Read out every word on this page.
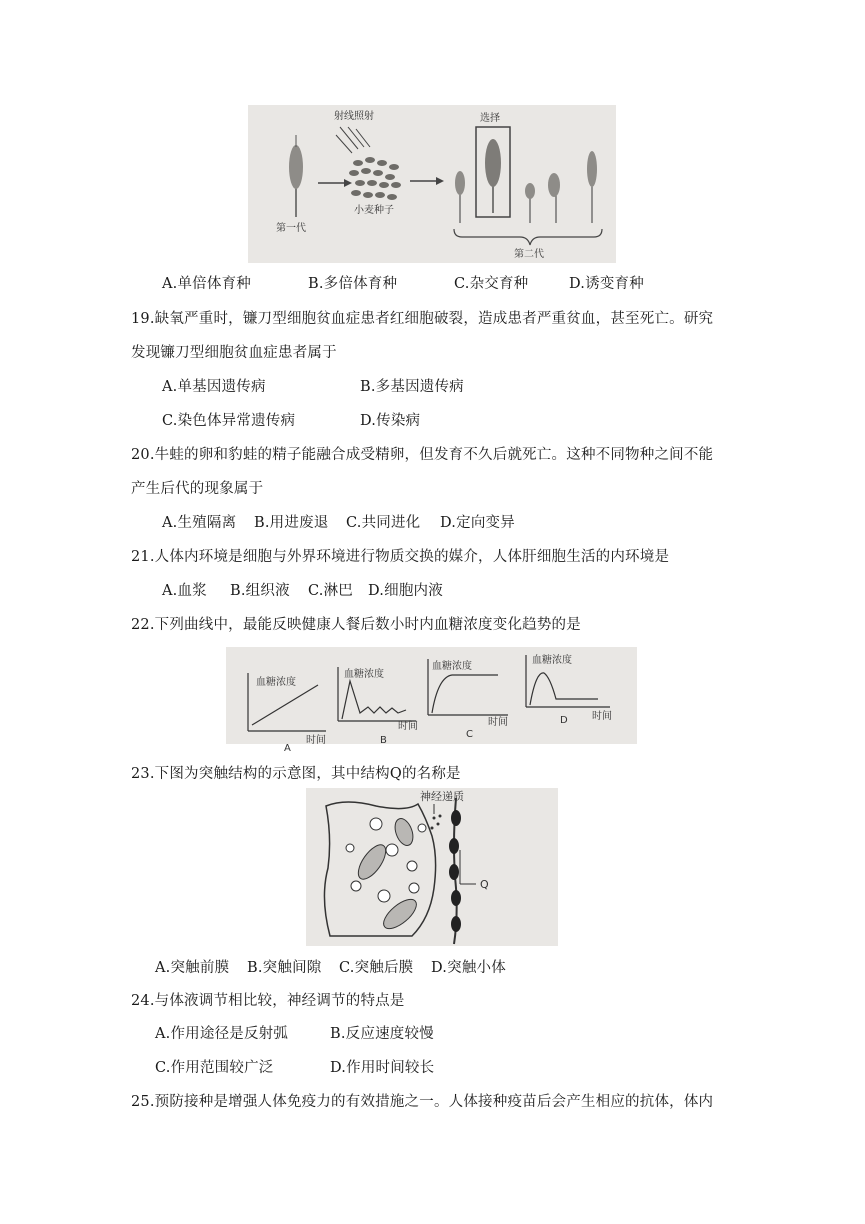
第一代
射线照射
小麦种子
选择
第二代
A.单倍体育种	B.多倍体育种	C.杂交育种	D.诱变育种
19.缺氧严重时，镰刀型细胞贫血症患者红细胞破裂，造成患者严重贫血，甚至死亡。研究
发现镰刀型细胞贫血症患者属于
A.单基因遗传病	B.多基因遗传病
C.染色体异常遗传病	D.传染病
20.牛蛙的卵和豹蛙的精子能融合成受精卵，但发育不久后就死亡。这种不同物种之间不能
产生后代的现象属于
A.生殖隔离 B.用进废退 C.共同进化 D.定向变异
21.人体内环境是细胞与外界环境进行物质交换的媒介，人体肝细胞生活的内环境是
A.血浆 B.组织液 C.淋巴 D.细胞内液
22.下列曲线中，最能反映健康人餐后数小时内血糖浓度变化趋势的是
血糖浓度
时间
A
血糖浓度
时间
B
血糖浓度
时间
C
血糖浓度
时间
D
23.下图为突触结构的示意图，其中结构Q的名称是
神经递质
Q
A.突触前膜 B.突触间隙 C.突触后膜 D.突触小体
24.与体液调节相比较，神经调节的特点是
A.作用途径是反射弧	B.反应速度较慢
C.作用范围较广泛	D.作用时间较长
25.预防接种是增强人体免疫力的有效措施之一。人体接种疫苗后会产生相应的抗体，体内
